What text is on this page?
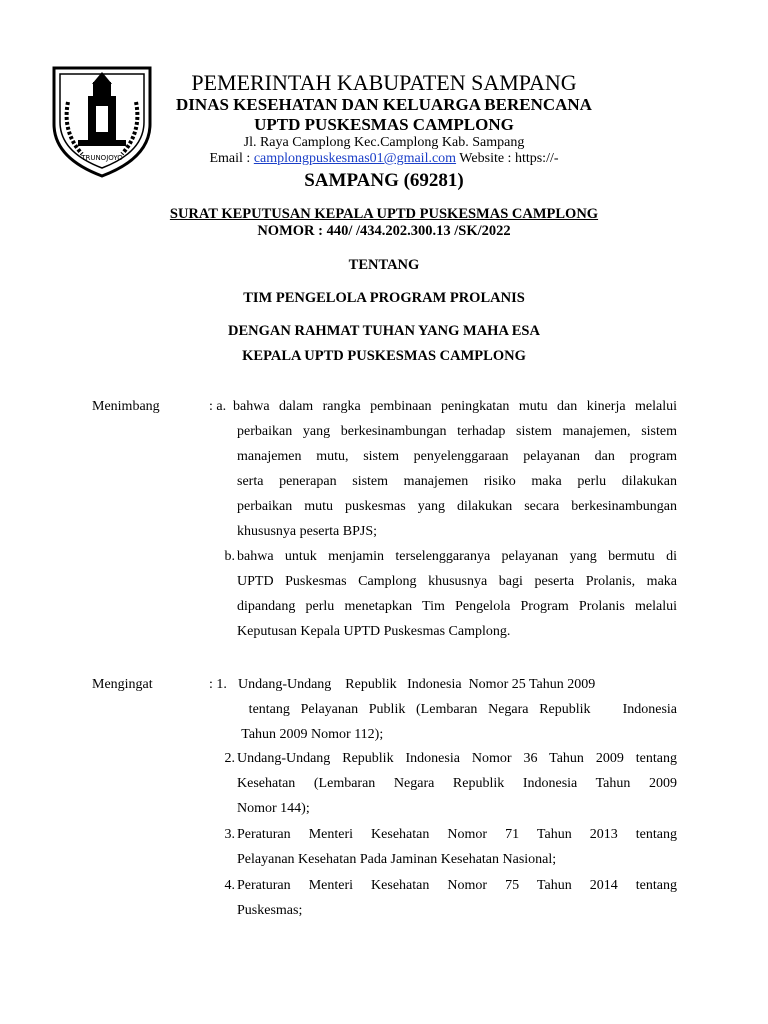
TRUNOJOYO
PEMERINTAH KABUPATEN SAMPANG
DINAS KESEHATAN DAN KELUARGA BERENCANA
UPTD PUSKESMAS CAMPLONG
Jl. Raya Camplong Kec.Camplong Kab. Sampang
Email : camplongpuskesmas01@gmail.com Website : https://-
SAMPANG (69281)
SURAT KEPUTUSAN KEPALA UPTD PUSKESMAS CAMPLONG
NOMOR : 440/ /434.202.300.13 /SK/2022
TENTANG
TIM PENGELOLA PROGRAM PROLANIS
DENGAN RAHMAT TUHAN YANG MAHA ESA
KEPALA UPTD PUSKESMAS CAMPLONG
Menimbang	: a. bahwa dalam rangka pembinaan peningkatan mutu dan kinerja melalui
perbaikan yang berkesinambungan terhadap sistem manajemen, sistem
manajemen mutu, sistem penyelenggaraan pelayanan dan program
serta penerapan sistem manajemen risiko maka perlu dilakukan
perbaikan mutu puskesmas yang dilakukan secara berkesinambungan
khususnya peserta BPJS;
b. bahwa untuk menjamin terselenggaranya pelayanan yang bermutu di
UPTD Puskesmas Camplong khususnya bagi peserta Prolanis, maka
dipandang perlu menetapkan Tim Pengelola Program Prolanis melalui
Keputusan Kepala UPTD Puskesmas Camplong.
Mengingat	: 1. Undang-Undang    Republik   Indonesia  Nomor 25 Tahun 2009
tentang Pelayanan Publik (Lembaran Negara Republik   Indonesia
Tahun 2009 Nomor 112);
2. Undang-Undang Republik Indonesia Nomor 36 Tahun 2009 tentang
Kesehatan (Lembaran Negara Republik Indonesia Tahun 2009
Nomor 144);
3. Peraturan Menteri Kesehatan Nomor 71 Tahun 2013 tentang
Pelayanan Kesehatan Pada Jaminan Kesehatan Nasional;
4. Peraturan Menteri Kesehatan Nomor 75 Tahun 2014 tentang
Puskesmas;
